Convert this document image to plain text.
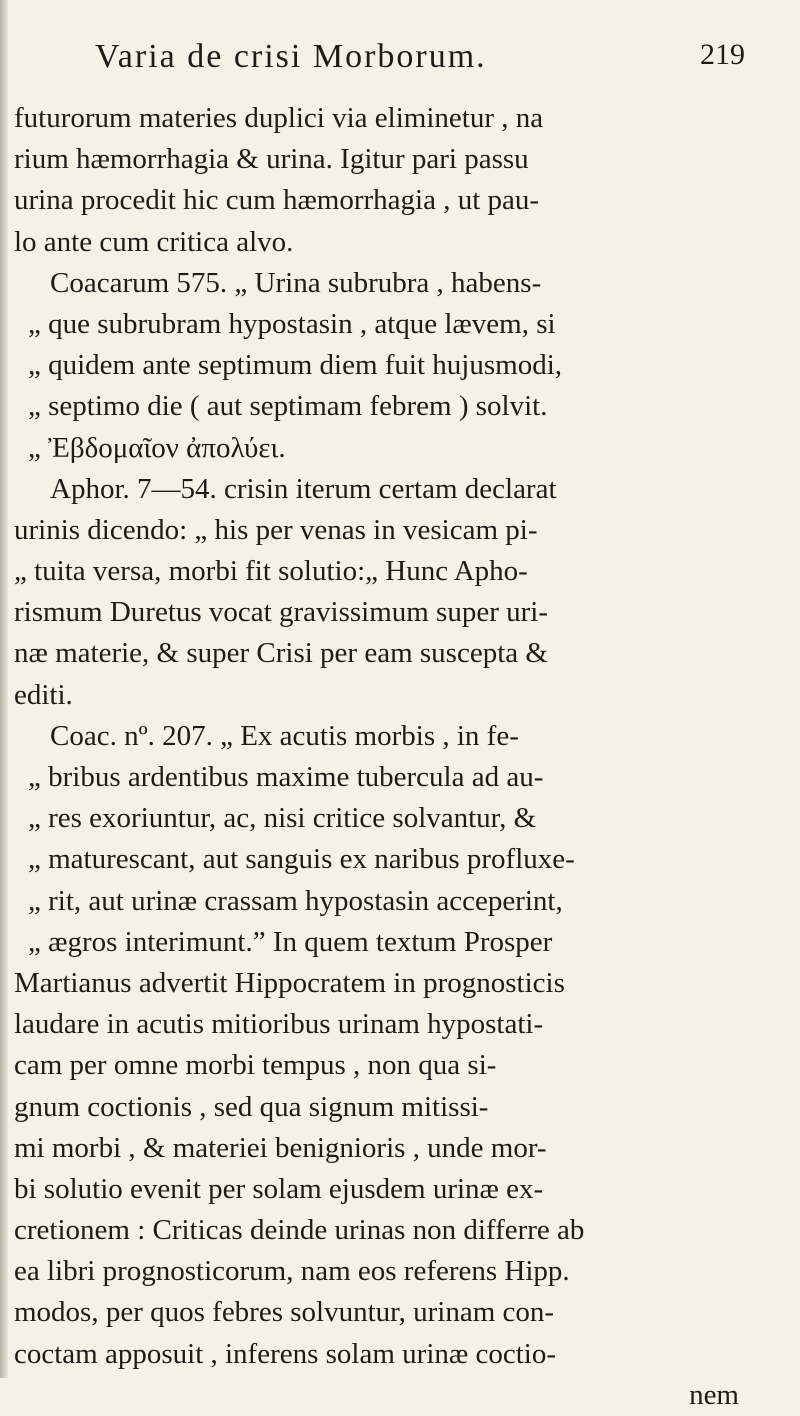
Varia de crisi Morborum.	219
futurorum materies duplici via eliminetur , na
rium hæmorrhagia & urina. Igitur pari passu
urina procedit hic cum hæmorrhagia , ut pau-
lo ante cum critica alvo.
Coacarum 575. „ Urina subrubra , habens-
„ que subrubram hypostasin , atque lævem, si
„ quidem ante septimum diem fuit hujusmodi,
„ septimo die ( aut septimam febrem ) solvit.
„ Ἐβδομαῖον ἀπολύει.
Aphor. 7—54. crisin iterum certam declarat
urinis dicendo: „ his per venas in vesicam pi-
„ tuita versa, morbi fit solutio:„ Hunc Apho-
rismum Duretus vocat gravissimum super uri-
næ materie, & super Crisi per eam suscepta &
editi.
Coac. nº. 207. „ Ex acutis morbis , in fe-
„ bribus ardentibus maxime tubercula ad au-
„ res exoriuntur, ac, nisi critice solvantur, &
„ maturescant, aut sanguis ex naribus profluxe-
„ rit, aut urinæ crassam hypostasin acceperint,
„ ægros interimunt.” In quem textum Prosper
Martianus advertit Hippocratem in prognosticis
laudare in acutis mitioribus urinam hypostati-
cam per omne morbi tempus , non qua si-
gnum coctionis , sed qua signum mitissi-
mi morbi , & materiei benignioris , unde mor-
bi solutio evenit per solam ejusdem urinæ ex-
cretionem : Criticas deinde urinas non differre ab
ea libri prognosticorum, nam eos referens Hipp.
modos, per quos febres solvuntur, urinam con-
coctam apposuit , inferens solam urinæ coctio-
nem
